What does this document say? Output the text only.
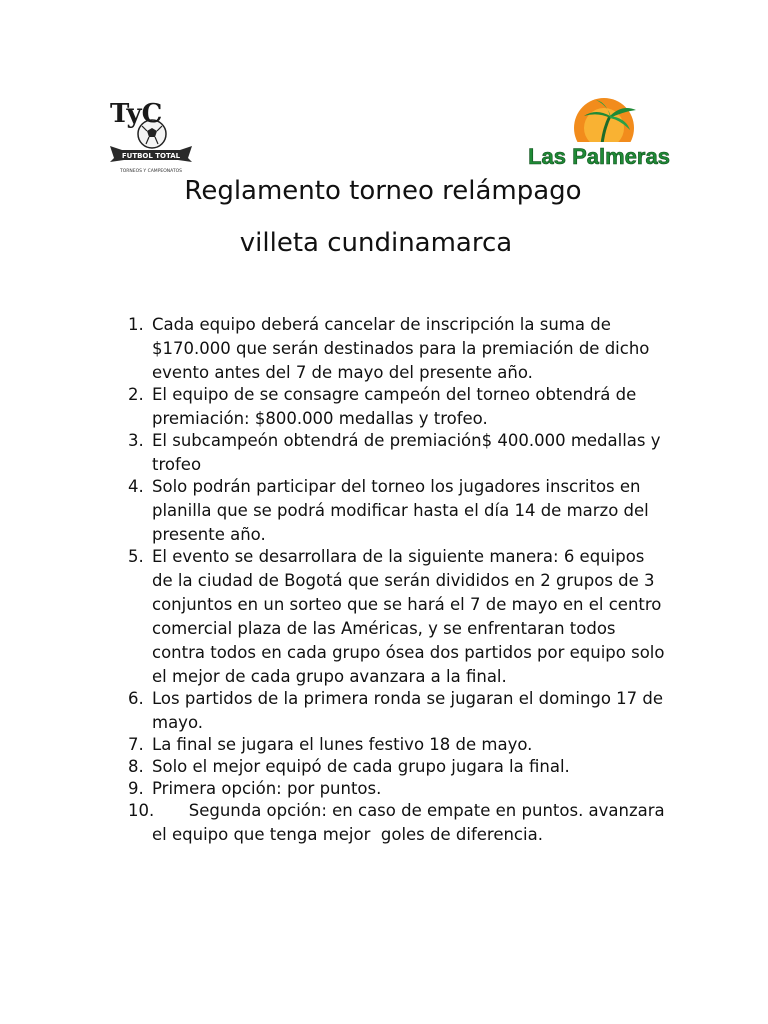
TyC
FUTBOL TOTAL
TORNEOS Y CAMPEONATOS
Las Palmeras
Reglamento torneo relámpago
villeta cundinamarca
1. Cada equipo deberá cancelar de inscripción la suma de $170.000 que serán destinados para la premiación de dicho evento antes del 7 de mayo del presente año.
2. El equipo de se consagre campeón del torneo obtendrá de premiación: $800.000 medallas y trofeo.
3. El subcampeón obtendrá de premiación$ 400.000 medallas y trofeo
4. Solo podrán participar del torneo los jugadores inscritos en planilla que se podrá modificar hasta el día 14 de marzo del presente año.
5. El evento se desarrollara de la siguiente manera: 6 equipos de la ciudad de Bogotá que serán divididos en 2 grupos de 3 conjuntos en un sorteo que se hará el 7 de mayo en el centro comercial plaza de las Américas, y se enfrentaran todos contra todos en cada grupo ósea dos partidos por equipo solo el mejor de cada grupo avanzara a la final.
6. Los partidos de la primera ronda se jugaran el domingo 17 de mayo.
7. La final se jugara el lunes festivo 18 de mayo.
8. Solo el mejor equipó de cada grupo jugara la final.
9. Primera opción: por puntos.
10.
Segunda opción: en caso de empate en puntos. avanzara el equipo que tenga mejor  goles de diferencia.
